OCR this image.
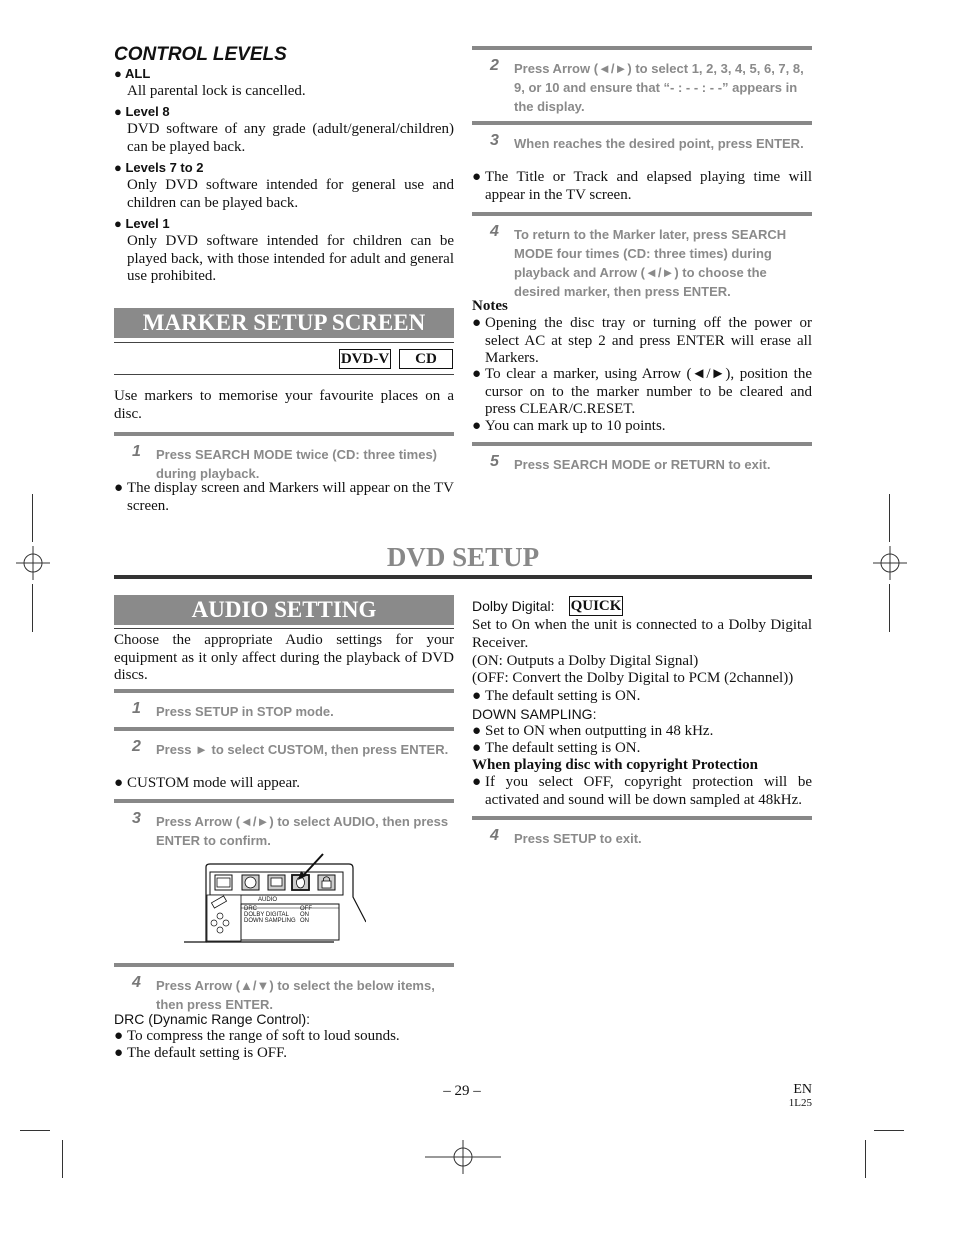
CONTROL LEVELS
● ALL
All parental lock is cancelled.
● Level 8
DVD software of any grade (adult/general/children) can be played back.
● Levels 7 to 2
Only DVD software intended for general use and children can be played back.
● Level 1
Only DVD software intended for children can be played back, with those intended for adult and general use prohibited.
MARKER SETUP SCREEN
DVD-V	CD
Use markers to memorise your favourite places on a disc.
1 Press SEARCH MODE twice (CD: three times) during playback.
● The display screen and Markers will appear on the TV screen.
2 Press Arrow (◄/►) to select 1, 2, 3, 4, 5, 6, 7, 8, 9, or 10 and ensure that “- : - - : - -” appears in the display.
3 When reaches the desired point, press ENTER.
● The Title or Track and elapsed playing time will appear in the TV screen.
4 To return to the Marker later, press SEARCH MODE four times (CD: three times) during playback and Arrow (◄/►) to choose the desired marker, then press ENTER.
Notes
● Opening the disc tray or turning off the power or select AC at step 2 and press ENTER will erase all Markers.
● To clear a marker, using Arrow (◄/►), position the cursor on to the marker number to be cleared and press CLEAR/C.RESET.
● You can mark up to 10 points.
5 Press SEARCH MODE or RETURN to exit.
DVD SETUP
AUDIO SETTING
Choose the appropriate Audio settings for your equipment as it only affect during the playback of DVD discs.
1 Press SETUP in STOP mode.
2 Press ► to select CUSTOM, then press ENTER.
● CUSTOM mode will appear.
3 Press Arrow (◄/►) to select AUDIO, then press ENTER to confirm.
AUDIO
DRC	OFF
DOLBY DIGITAL ON
DOWN SAMPLING ON
4 Press Arrow (▲/▼) to select the below items, then press ENTER.
DRC (Dynamic Range Control):
● To compress the range of soft to loud sounds.
● The default setting is OFF.
Dolby Digital: QUICK
Set to On when the unit is connected to a Dolby Digital Receiver.
(ON: Outputs a Dolby Digital Signal)
(OFF: Convert the Dolby Digital to PCM (2channel))
● The default setting is ON.
DOWN SAMPLING:
● Set to ON when outputting in 48 kHz.
● The default setting is ON.
When playing disc with copyright Protection
● If you select OFF, copyright protection will be activated and sound will be down sampled at 48kHz.
4 Press SETUP to exit.
– 29 –	EN
1L25
